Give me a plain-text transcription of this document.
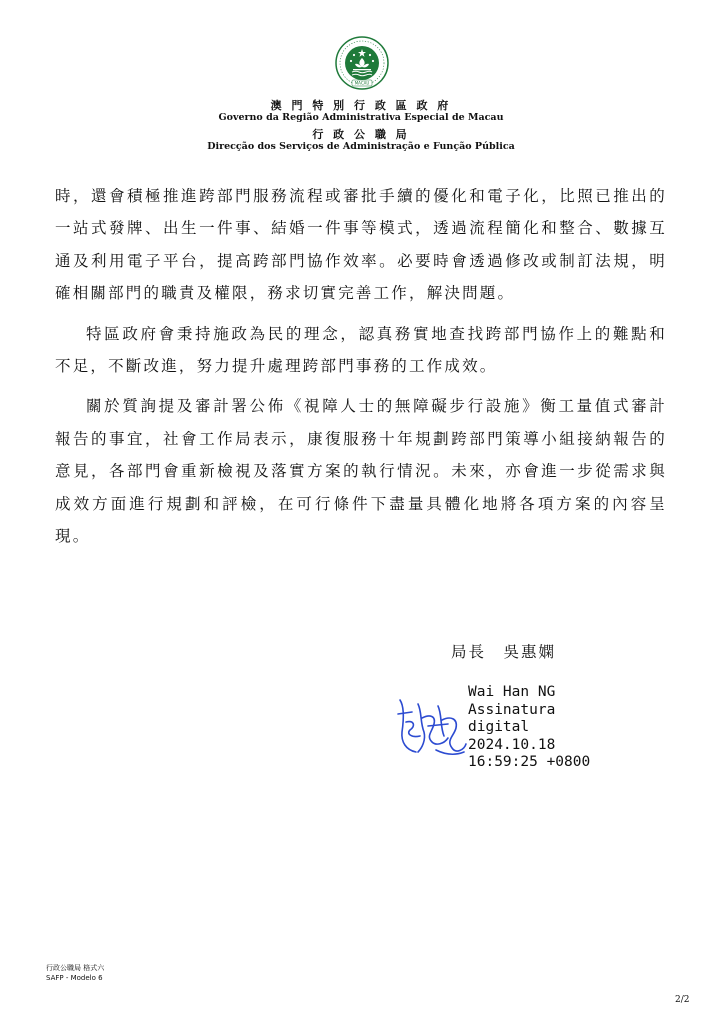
MACAU
澳 門 特 別 行 政 區 政 府
Governo da Região Administrativa Especial de Macau
行 政 公 職 局
Direcção dos Serviços de Administração e Função Pública

時，還會積極推進跨部門服務流程或審批手續的優化和電子化，比照已推出的一站式發牌、出生一件事、結婚一件事等模式，透過流程簡化和整合、數據互通及利用電子平台，提高跨部門協作效率。必要時會透過修改或制訂法規，明確相關部門的職責及權限，務求切實完善工作，解決問題。

特區政府會秉持施政為民的理念，認真務實地查找跨部門協作上的難點和不足，不斷改進，努力提升處理跨部門事務的工作成效。

關於質詢提及審計署公佈《視障人士的無障礙步行設施》衡工量值式審計報告的事宜，社會工作局表示，康復服務十年規劃跨部門策導小組接納報告的意見，各部門會重新檢視及落實方案的執行情況。未來，亦會進一步從需求與成效方面進行規劃和評檢，在可行條件下盡量具體化地將各項方案的內容呈現。

局長　吳惠嫻
Wai Han NG
Assinatura
digital
2024.10.18
16:59:25 +0800
行政公職局 格式六
SAFP - Modelo 6
2/2
